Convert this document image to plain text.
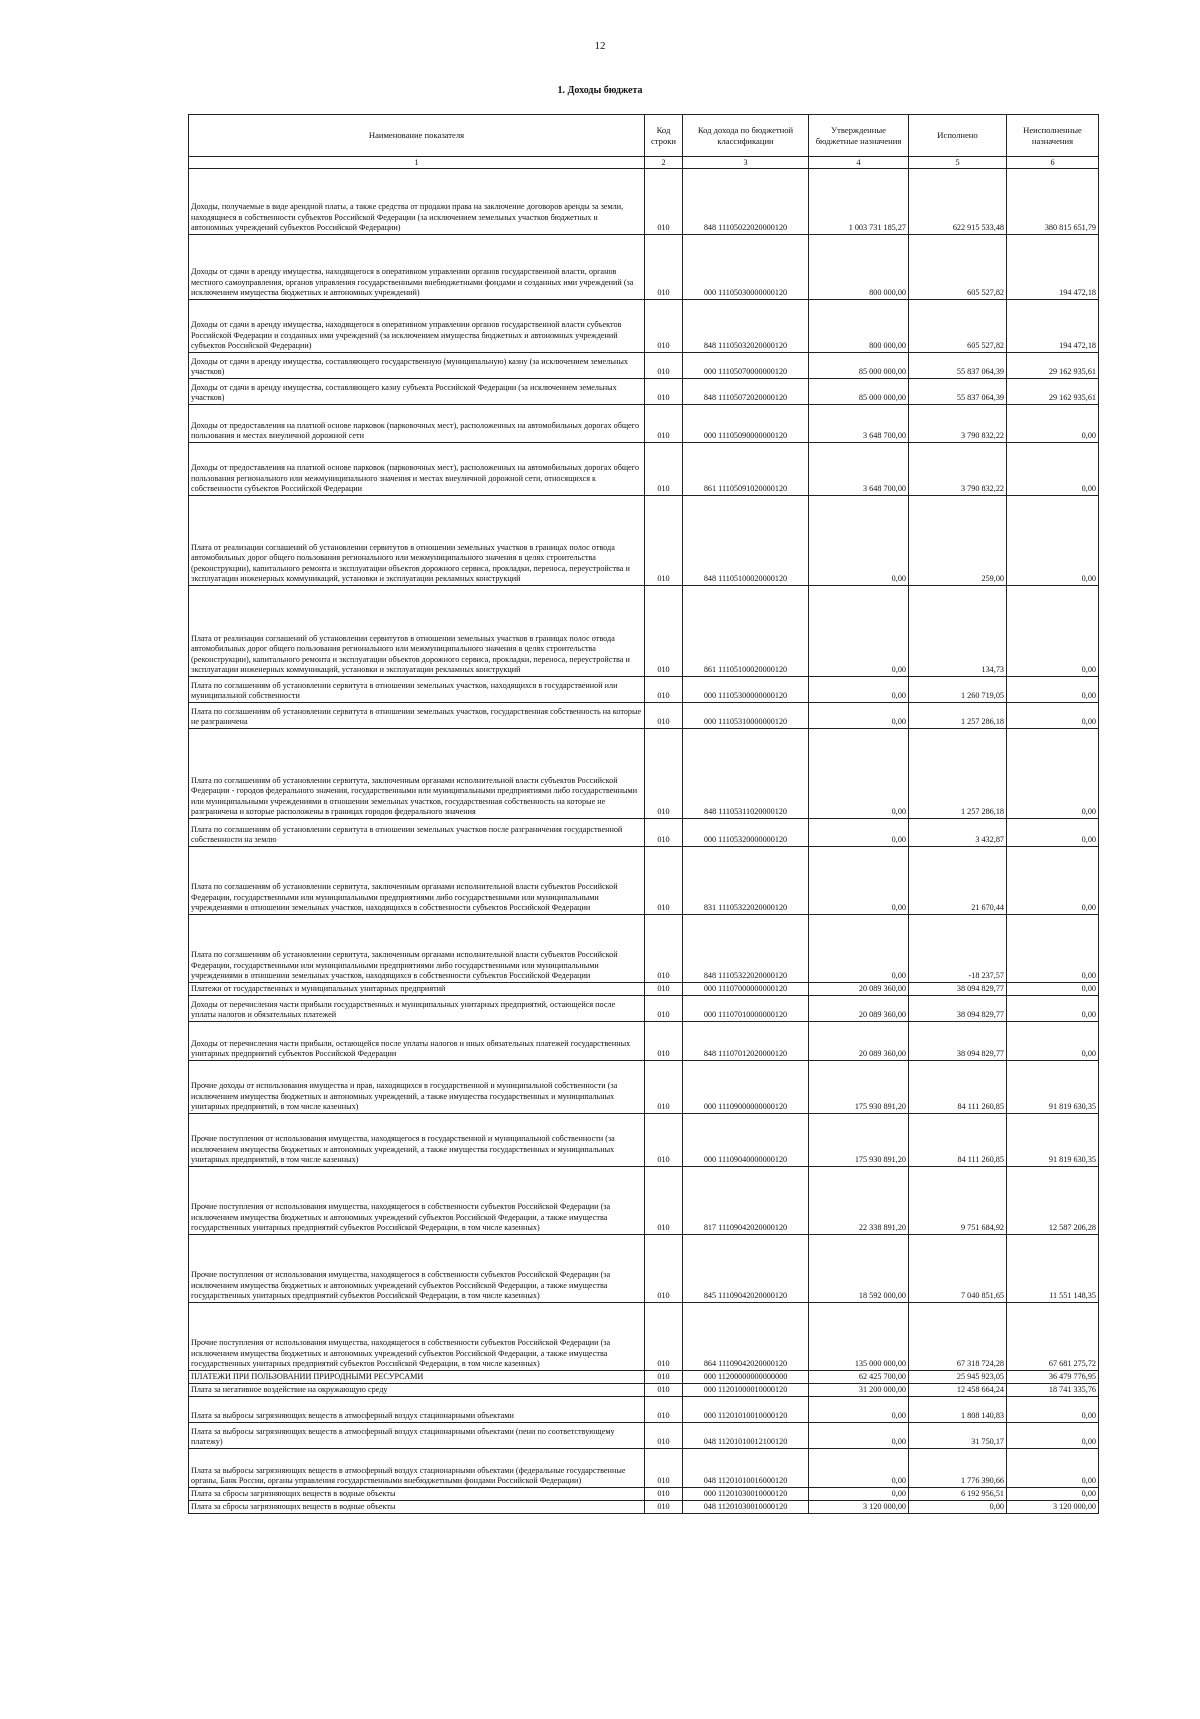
12
1. Доходы бюджета
Наименование показателя	Код строки	Код дохода по бюджетной классификации	Утвержденные бюджетные назначения	Исполнено	Неисполненные назначения
1	2	3	4	5	6
Доходы, получаемые в виде арендной платы, а также средства от продажи права на заключение договоров аренды за земли, находящиеся в собственности субъектов Российской Федерации (за исключением земельных участков бюджетных и автономных учреждений субъектов Российской Федерации)	010	848 11105022020000120	1 003 731 185,27	622 915 533,48	380 815 651,79
Доходы от сдачи в аренду имущества, находящегося в оперативном управлении органов государственной власти, органов местного самоуправления, органов управления государственными внебюджетными фондами и созданных ими учреждений (за исключением имущества бюджетных и автономных учреждений)	010	000 11105030000000120	800 000,00	605 527,82	194 472,18
Доходы от сдачи в аренду имущества, находящегося в оперативном управлении органов государственной власти субъектов Российской Федерации и созданных ими учреждений (за исключением имущества бюджетных и автономных учреждений субъектов Российской Федерации)	010	848 11105032020000120	800 000,00	605 527,82	194 472,18
Доходы от сдачи в аренду имущества, составляющего государственную (муниципальную) казну (за исключением земельных участков)	010	000 11105070000000120	85 000 000,00	55 837 064,39	29 162 935,61
Доходы от сдачи в аренду имущества, составляющего казну субъекта Российской Федерации (за исключением земельных участков)	010	848 11105072020000120	85 000 000,00	55 837 064,39	29 162 935,61
Доходы от предоставления на платной основе парковок (парковочных мест), расположенных на автомобильных дорогах общего пользования и местах внеуличной дорожной сети	010	000 11105090000000120	3 648 700,00	3 790 832,22	0,00
Доходы от предоставления на платной основе парковок (парковочных мест), расположенных на автомобильных дорогах общего пользования регионального или межмуниципального значения и местах внеуличной дорожной сети, относящихся к собственности субъектов Российской Федерации	010	861 11105091020000120	3 648 700,00	3 790 832,22	0,00
Плата от реализации соглашений об установлении сервитутов в отношении земельных участков в границах полос отвода автомобильных дорог общего пользования регионального или межмуниципального значения в целях строительства (реконструкции), капитального ремонта и эксплуатации объектов дорожного сервиса, прокладки, переноса, переустройства и эксплуатации инженерных коммуникаций, установки и эксплуатации рекламных конструкций	010	848 11105100020000120	0,00	259,00	0,00
Плата от реализации соглашений об установлении сервитутов в отношении земельных участков в границах полос отвода автомобильных дорог общего пользования регионального или межмуниципального значения в целях строительства (реконструкции), капитального ремонта и эксплуатации объектов дорожного сервиса, прокладки, переноса, переустройства и эксплуатации инженерных коммуникаций, установки и эксплуатации рекламных конструкций	010	861 11105100020000120	0,00	134,73	0,00
Плата по соглашениям об установлении сервитута в отношении земельных участков, находящихся в государственной или муниципальной собственности	010	000 11105300000000120	0,00	1 260 719,05	0,00
Плата по соглашениям об установлении сервитута в отношении земельных участков, государственная собственность на которые не разграничена	010	000 11105310000000120	0,00	1 257 286,18	0,00
Плата по соглашениям об установлении сервитута, заключенным органами исполнительной власти субъектов Российской Федерации - городов федерального значения, государственными или муниципальными предприятиями либо государственными или муниципальными учреждениями в отношении земельных участков, государственная собственность на которые не разграничена и которые расположены в границах городов федерального значения	010	848 11105311020000120	0,00	1 257 286,18	0,00
Плата по соглашениям об установлении сервитута в отношении земельных участков после разграничения государственной собственности на землю	010	000 11105320000000120	0,00	3 432,87	0,00
Плата по соглашениям об установлении сервитута, заключенным органами исполнительной власти субъектов Российской Федерации, государственными или муниципальными предприятиями либо государственными или муниципальными учреждениями в отношении земельных участков, находящихся в собственности субъектов Российской Федерации	010	831 11105322020000120	0,00	21 670,44	0,00
Плата по соглашениям об установлении сервитута, заключенным органами исполнительной власти субъектов Российской Федерации, государственными или муниципальными предприятиями либо государственными или муниципальными учреждениями в отношении земельных участков, находящихся в собственности субъектов Российской Федерации	010	848 11105322020000120	0,00	-18 237,57	0,00
Платежи от государственных и муниципальных унитарных предприятий	010	000 11107000000000120	20 089 360,00	38 094 829,77	0,00
Доходы от перечисления части прибыли государственных и муниципальных унитарных предприятий, остающейся после уплаты налогов и обязательных платежей	010	000 11107010000000120	20 089 360,00	38 094 829,77	0,00
Доходы от перечисления части прибыли, остающейся после уплаты налогов и иных обязательных платежей государственных унитарных предприятий субъектов Российской Федерации	010	848 11107012020000120	20 089 360,00	38 094 829,77	0,00
Прочие доходы от использования имущества и прав, находящихся в государственной и муниципальной собственности (за исключением имущества бюджетных и автономных учреждений, а также имущества государственных и муниципальных унитарных предприятий, в том числе казенных)	010	000 11109000000000120	175 930 891,20	84 111 260,85	91 819 630,35
Прочие поступления от использования имущества, находящегося в государственной и муниципальной собственности (за исключением имущества бюджетных и автономных учреждений, а также имущества государственных и муниципальных унитарных предприятий, в том числе казенных)	010	000 11109040000000120	175 930 891,20	84 111 260,85	91 819 630,35
Прочие поступления от использования имущества, находящегося в собственности субъектов Российской Федерации (за исключением имущества бюджетных и автономных учреждений субъектов Российской Федерации, а также имущества государственных унитарных предприятий субъектов Российской Федерации, в том числе казенных)	010	817 11109042020000120	22 338 891,20	9 751 684,92	12 587 206,28
Прочие поступления от использования имущества, находящегося в собственности субъектов Российской Федерации (за исключением имущества бюджетных и автономных учреждений субъектов Российской Федерации, а также имущества государственных унитарных предприятий субъектов Российской Федерации, в том числе казенных)	010	845 11109042020000120	18 592 000,00	7 040 851,65	11 551 148,35
Прочие поступления от использования имущества, находящегося в собственности субъектов Российской Федерации (за исключением имущества бюджетных и автономных учреждений субъектов Российской Федерации, а также имущества государственных унитарных предприятий субъектов Российской Федерации, в том числе казенных)	010	864 11109042020000120	135 000 000,00	67 318 724,28	67 681 275,72
ПЛАТЕЖИ ПРИ ПОЛЬЗОВАНИИ ПРИРОДНЫМИ РЕСУРСАМИ	010	000 11200000000000000	62 425 700,00	25 945 923,05	36 479 776,95
Плата за негативное воздействие на окружающую среду	010	000 11201000010000120	31 200 000,00	12 458 664,24	18 741 335,76
Плата за выбросы загрязняющих веществ в атмосферный воздух стационарными объектами	010	000 11201010010000120	0,00	1 808 140,83	0,00
Плата за выбросы загрязняющих веществ в атмосферный воздух стационарными объектами (пени по соответствующему платежу)	010	048 11201010012100120	0,00	31 750,17	0,00
Плата за выбросы загрязняющих веществ в атмосферный воздух стационарными объектами (федеральные государственные органы, Банк России, органы управления государственными внебюджетными фондами Российской Федерации)	010	048 11201010016000120	0,00	1 776 390,66	0,00
Плата за сбросы загрязняющих веществ в водные объекты	010	000 11201030010000120	0,00	6 192 956,51	0,00
Плата за сбросы загрязняющих веществ в водные объекты	010	048 11201030010000120	3 120 000,00	0,00	3 120 000,00
